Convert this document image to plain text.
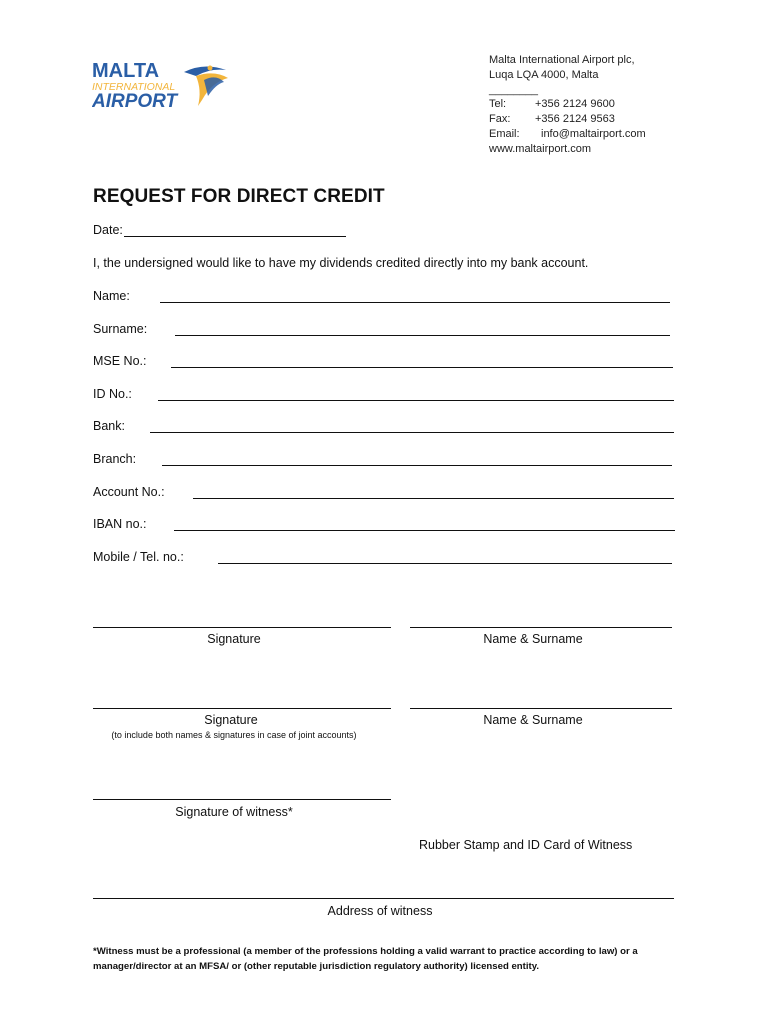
MALTA
INTERNATIONAL
AIRPORT
Malta International Airport plc,
Luqa LQA 4000, Malta
________
Tel:	+356 2124 9600
Fax:	+356 2124 9563
Email:	info@maltairport.com
www.maltairport.com
REQUEST FOR DIRECT CREDIT
Date:
I, the undersigned would like to have my dividends credited directly into my bank account.
Name:
Surname:
MSE No.:
ID No.:
Bank:
Branch:
Account No.:
IBAN no.:
Mobile / Tel. no.:
Signature	Name & Surname
Signature
(to include both names & signatures in case of joint accounts)
Name & Surname
Signature of witness*
Rubber Stamp and ID Card of Witness
Address of witness
*Witness must be a professional (a member of the professions holding a valid warrant to practice according to law) or a manager/director at an MFSA/ or (other reputable jurisdiction regulatory authority) licensed entity.
